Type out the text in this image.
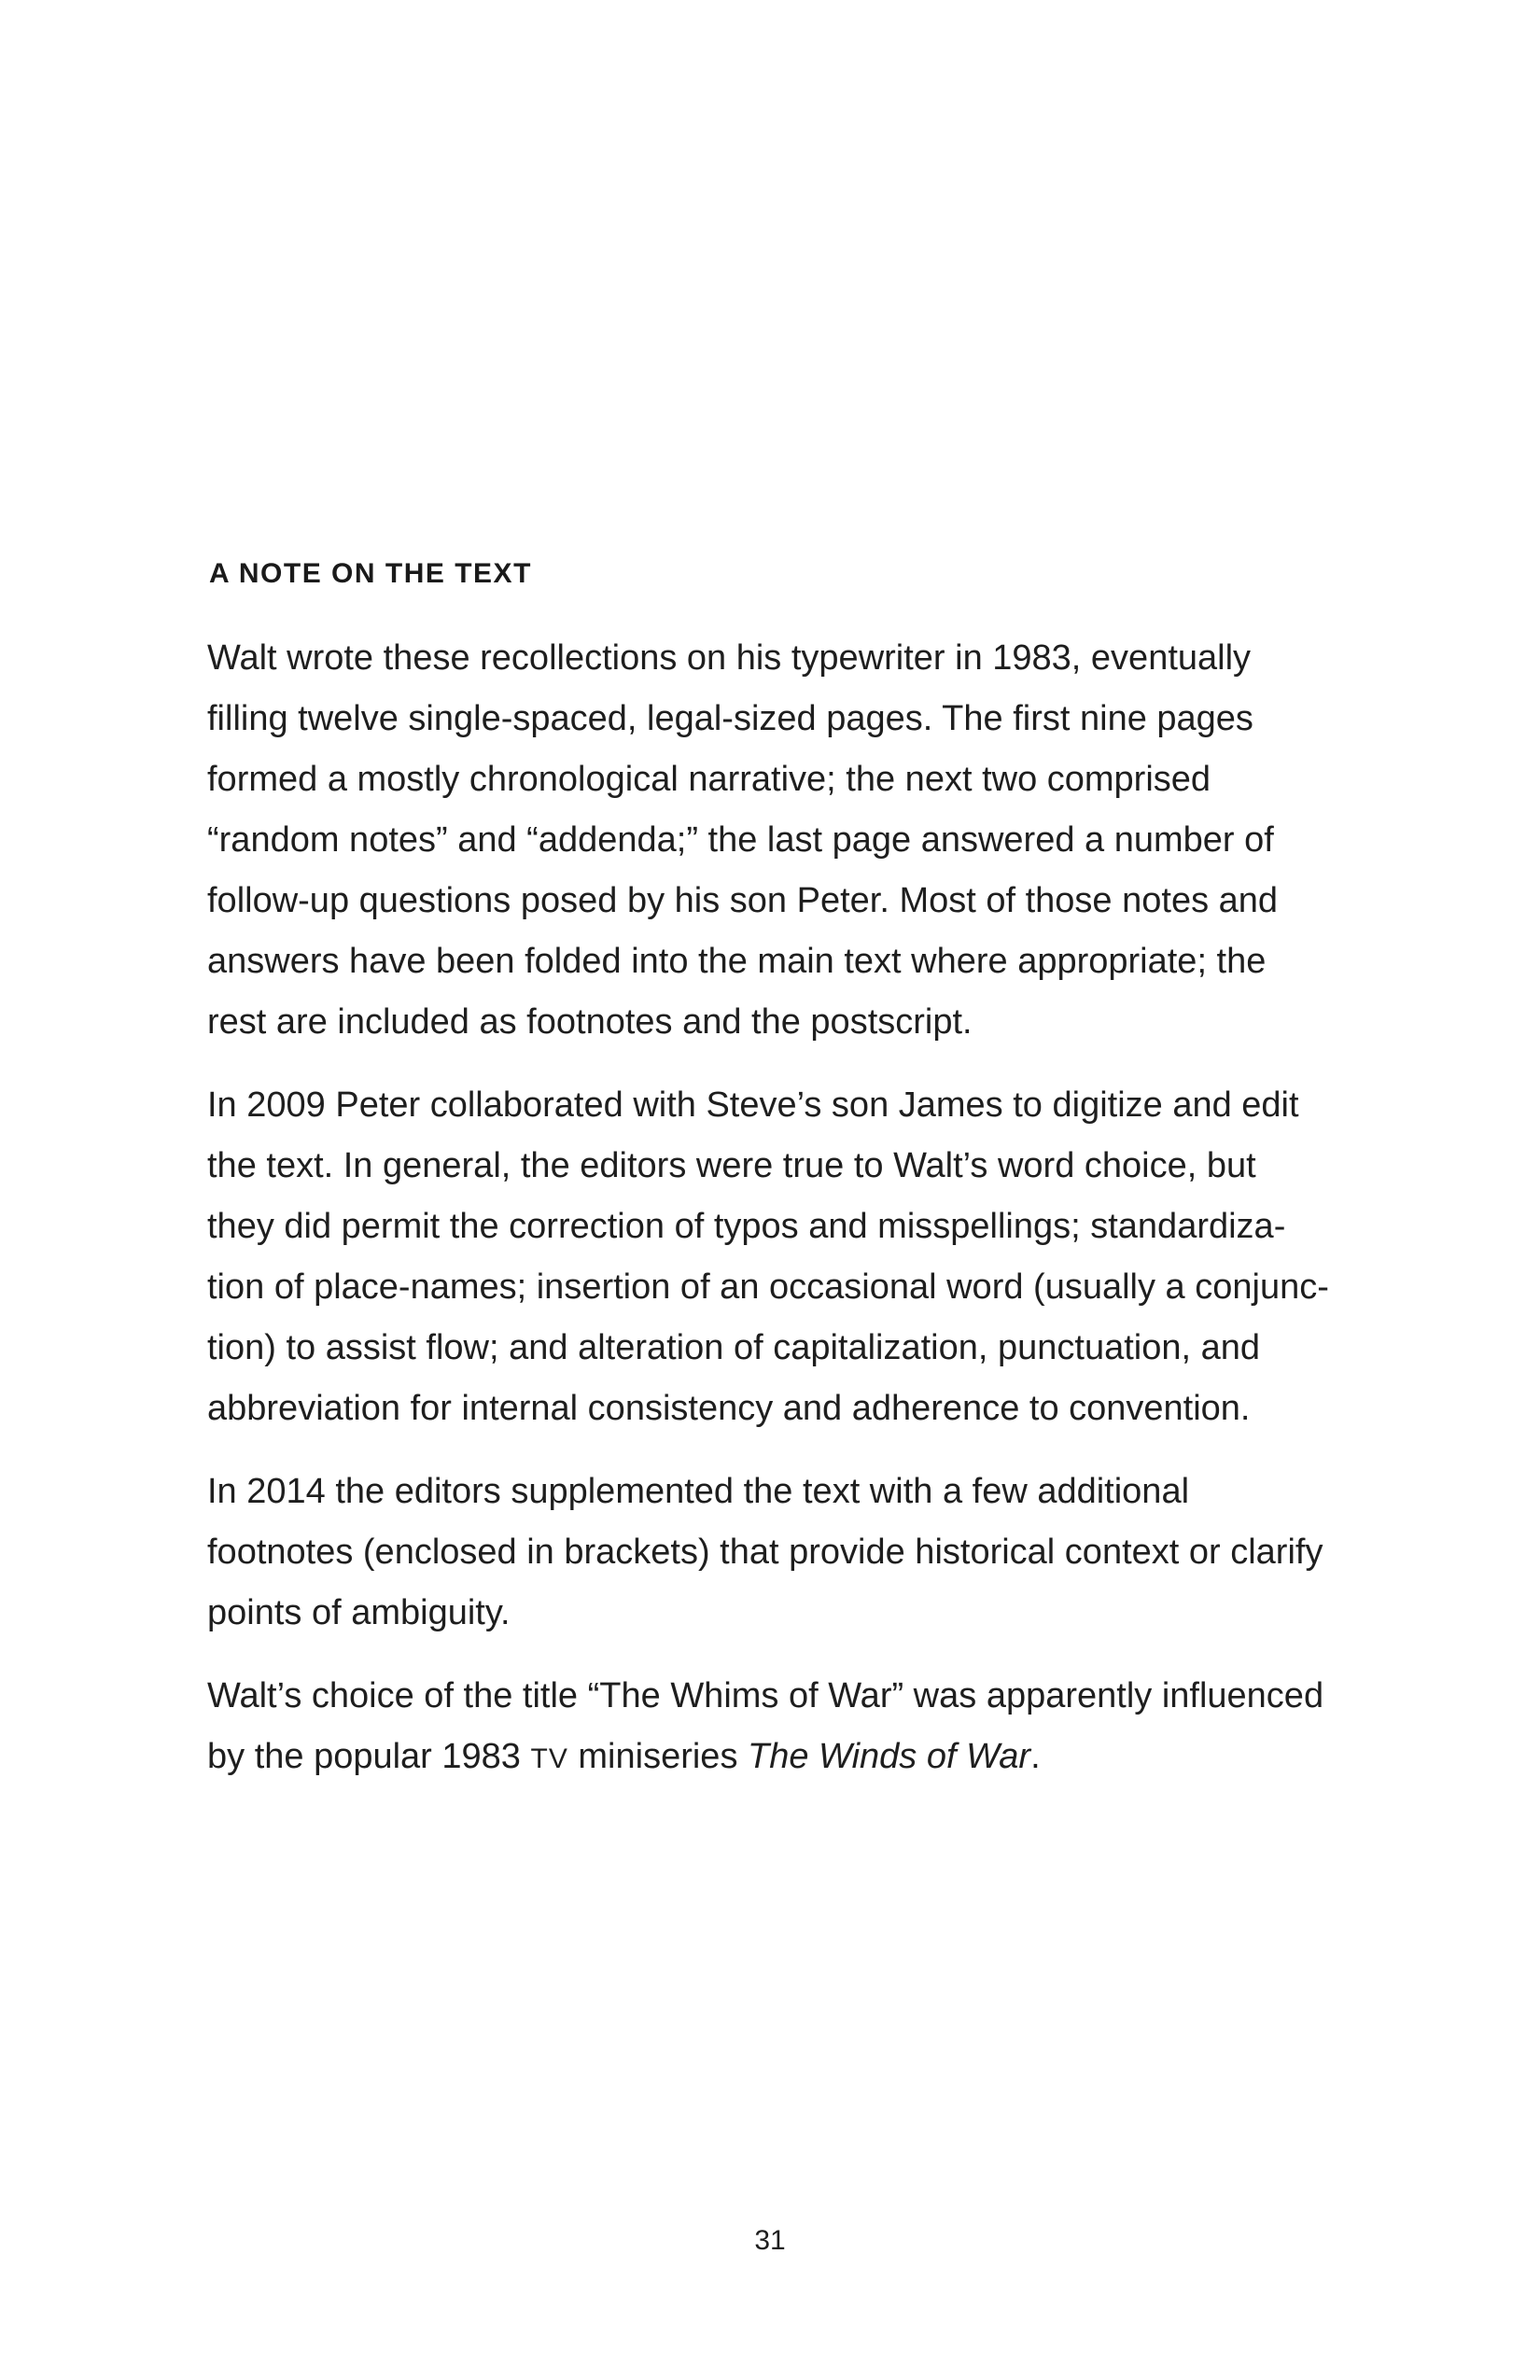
A NOTE ON THE TEXT

Walt wrote these recollections on his typewriter in 1983, eventually
filling twelve single-spaced, legal-sized pages. The first nine pages
formed a mostly chronological narrative; the next two comprised
“random notes” and “addenda;” the last page answered a number of
follow-up questions posed by his son Peter. Most of those notes and
answers have been folded into the main text where appropriate; the
rest are included as footnotes and the postscript.

In 2009 Peter collaborated with Steve’s son James to digitize and edit
the text. In general, the editors were true to Walt’s word choice, but
they did permit the correction of typos and misspellings; standardiza-
tion of place-names; insertion of an occasional word (usually a conjunc-
tion) to assist flow; and alteration of capitalization, punctuation, and
abbreviation for internal consistency and adherence to convention.

In 2014 the editors supplemented the text with a few additional
footnotes (enclosed in brackets) that provide historical context or clarify
points of ambiguity.

Walt’s choice of the title “The Whims of War” was apparently influenced
by the popular 1983 TV miniseries The Winds of War.

31
